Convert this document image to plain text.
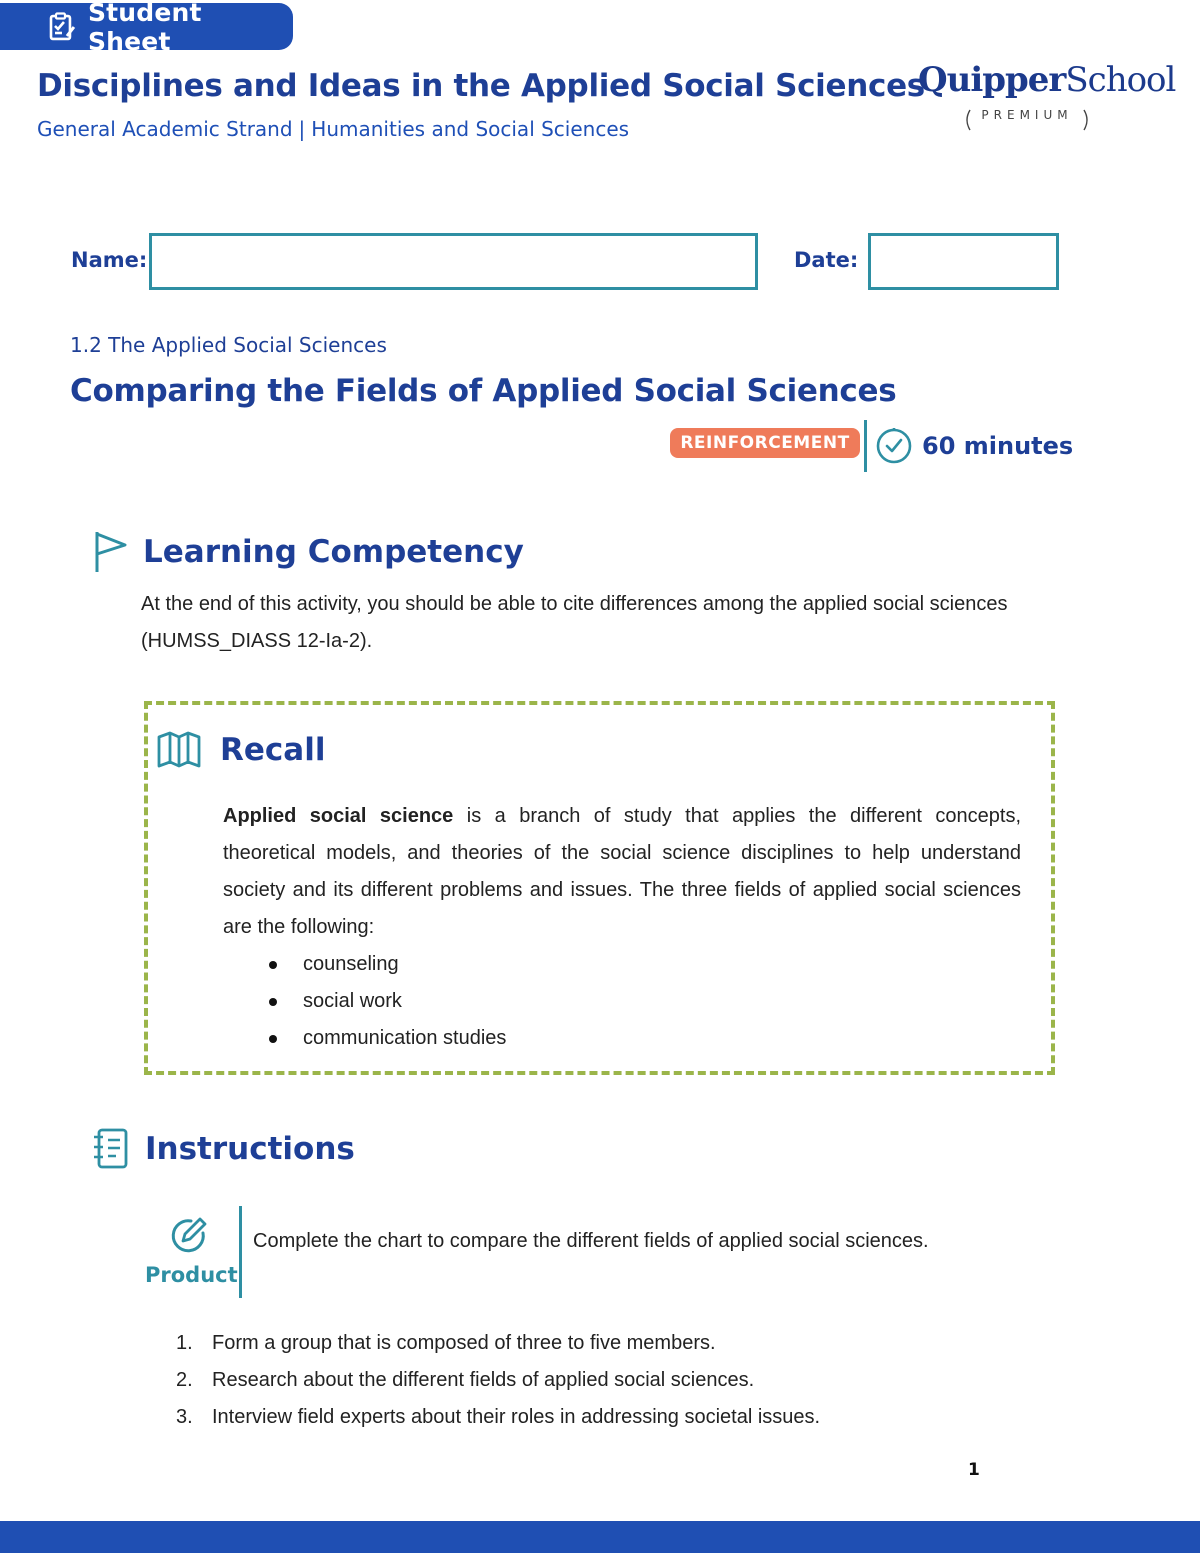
Student Sheet
Disciplines and Ideas in the Applied Social Sciences
General Academic Strand | Humanities and Social Sciences
QuipperSchool
PREMIUM
Name:	Date:
1.2 The Applied Social Sciences
Comparing the Fields of Applied Social Sciences
REINFORCEMENT	60 minutes
Learning Competency
At the end of this activity, you should be able to cite differences among the applied social sciences (HUMSS_DIASS 12-Ia-2).
Recall
Applied social science is a branch of study that applies the different concepts, theoretical models, and theories of the social science disciplines to help understand society and its different problems and issues. The three fields of applied social sciences are the following:
counseling
social work
communication studies
Instructions
Product
Complete the chart to compare the different fields of applied social sciences.
1. Form a group that is composed of three to five members.
2. Research about the different fields of applied social sciences.
3. Interview field experts about their roles in addressing societal issues.
1
